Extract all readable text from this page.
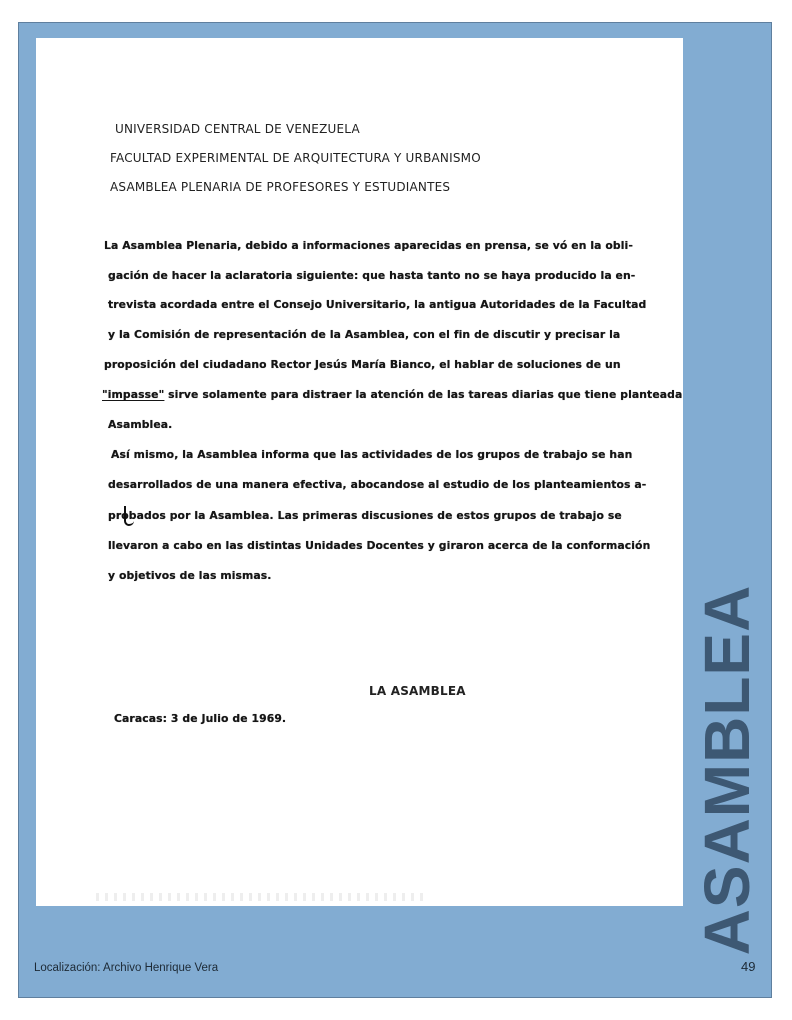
UNIVERSIDAD CENTRAL DE VENEZUELA
FACULTAD EXPERIMENTAL DE ARQUITECTURA Y URBANISMO
ASAMBLEA PLENARIA DE PROFESORES Y ESTUDIANTES
La Asamblea Plenaria, debido a informaciones aparecidas en prensa, se vó en la obli-
gación de hacer la aclaratoria siguiente: que hasta tanto no se haya producido la en-
trevista acordada entre el Consejo Universitario, la antigua Autoridades de la Facultad
y la Comisión de representación de la Asamblea, con el fin de discutir y precisar la
proposición del ciudadano Rector Jesús María Bianco, el hablar de soluciones de un
"impasse" sirve solamente para distraer la atención de las tareas diarias que tiene planteada
Asamblea.
Así mismo, la Asamblea informa que las actividades de los grupos de trabajo se han
desarrollados de una manera efectiva, abocandose al estudio de los planteamientos a-
probados por la Asamblea. Las primeras discusiones de estos grupos de trabajo se
llevaron a cabo en las distintas Unidades Docentes y giraron acerca de la conformación
y objetivos de las mismas.
LA ASAMBLEA
Caracas: 3 de Julio de 1969.	ASAMBLEA
Localización: Archivo Henrique Vera	49
